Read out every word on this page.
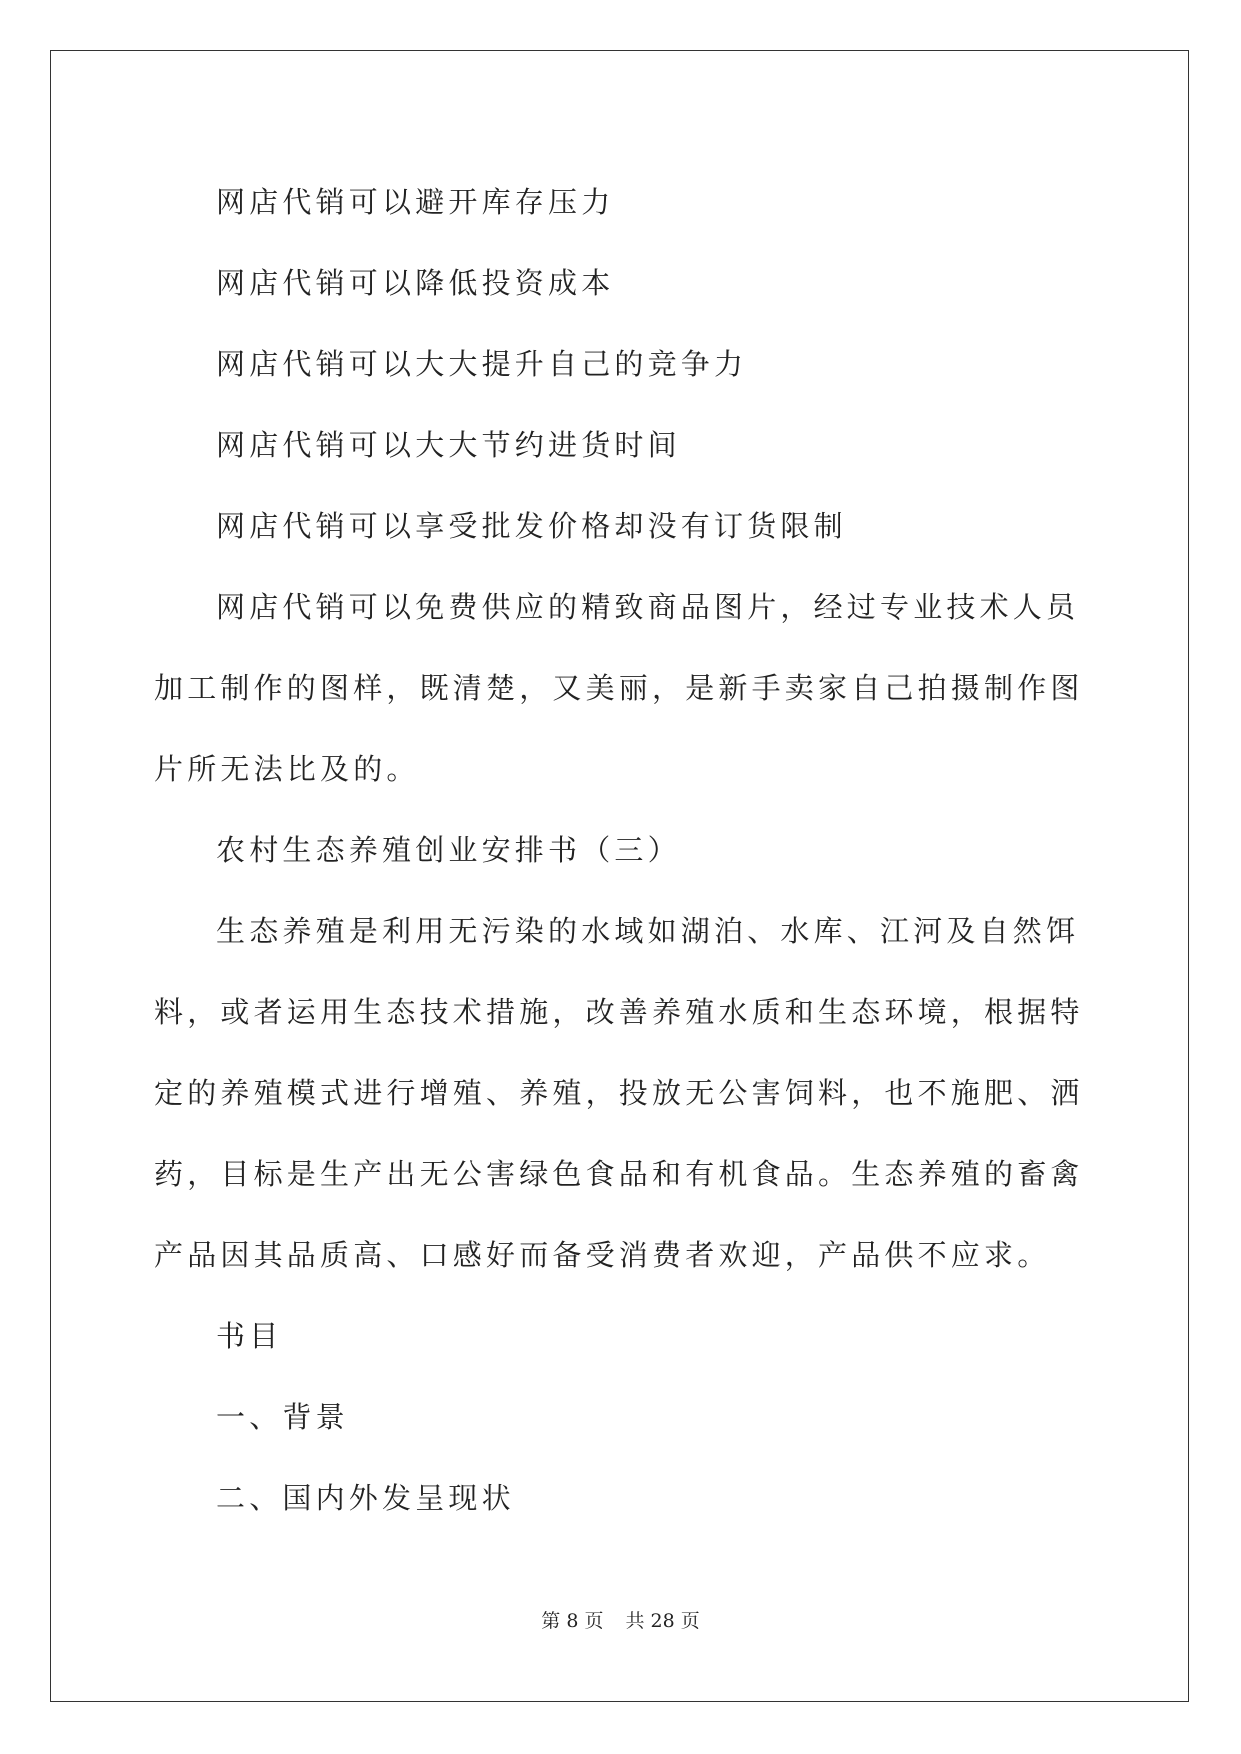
网店代销可以避开库存压力

网店代销可以降低投资成本

网店代销可以大大提升自己的竞争力

网店代销可以大大节约进货时间

网店代销可以享受批发价格却没有订货限制

网店代销可以免费供应的精致商品图片，经过专业技术人员加工制作的图样，既清楚，又美丽，是新手卖家自己拍摄制作图片所无法比及的。

农村生态养殖创业安排书（三）

生态养殖是利用无污染的水域如湖泊、水库、江河及自然饵料，或者运用生态技术措施，改善养殖水质和生态环境，根据特定的养殖模式进行增殖、养殖，投放无公害饲料，也不施肥、洒药，目标是生产出无公害绿色食品和有机食品。生态养殖的畜禽产品因其品质高、口感好而备受消费者欢迎，产品供不应求。

书目

一、背景

二、国内外发呈现状

第 8 页 共 28 页
